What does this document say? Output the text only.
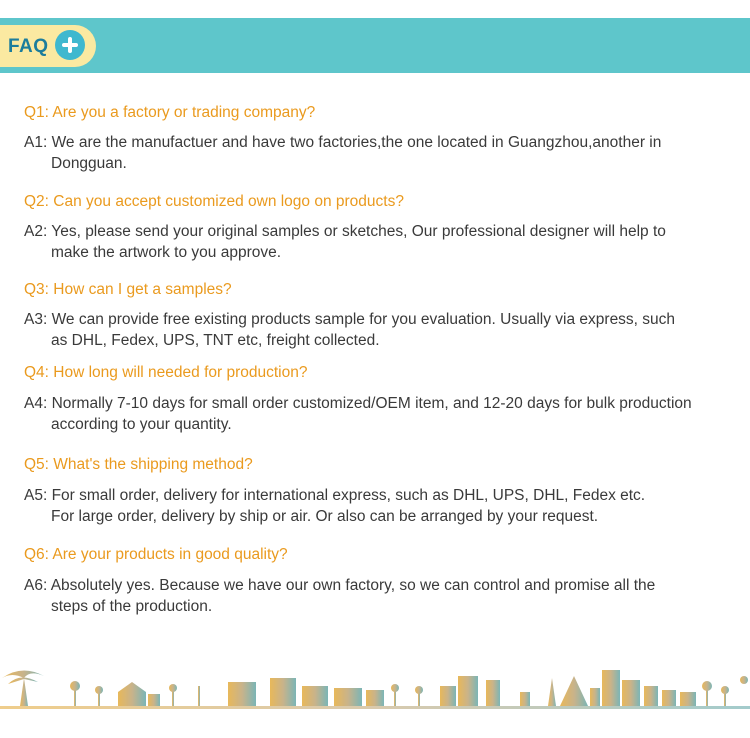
FAQ
Q1: Are you a factory or trading company?
A1: We are the manufactuer and have two factories,the one located in Guangzhou,another in
Dongguan.
Q2: Can you accept customized own logo on products?
A2: Yes, please send your original samples or sketches, Our professional designer will help to
make the artwork to you approve.
Q3: How can I get a samples?
A3: We can provide free existing products sample for you evaluation. Usually via express, such
as DHL, Fedex, UPS, TNT etc, freight collected.
Q4: How long will needed for production?
A4: Normally 7-10 days for small order customized/OEM item, and 12-20 days for bulk production
according to your quantity.
Q5: What's the shipping method?
A5: For small order, delivery for international express, such as DHL, UPS, DHL, Fedex etc.
For large order, delivery by ship or air. Or also can be arranged by your request.
Q6: Are your products in good quality?
A6: Absolutely yes. Because we have our own factory, so we can control and promise all the
steps of the production.
